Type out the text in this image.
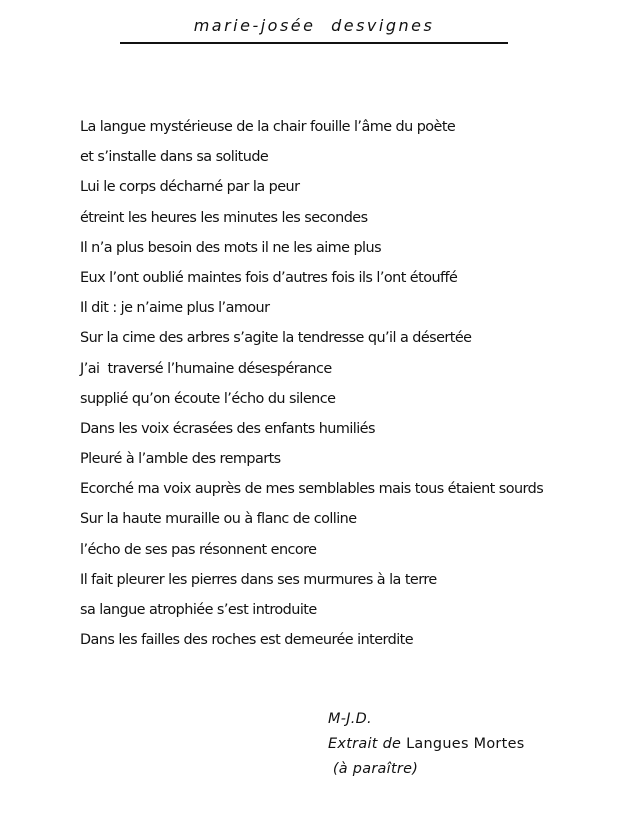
marie-josée desvignes
La langue mystérieuse de la chair fouille l’âme du poète
et s’installe dans sa solitude
Lui le corps décharné par la peur
étreint les heures les minutes les secondes
Il n’a plus besoin des mots il ne les aime plus
Eux l’ont oublié maintes fois d’autres fois ils l’ont étouffé
Il dit : je n’aime plus l’amour
Sur la cime des arbres s’agite la tendresse qu’il a désertée
J’ai  traversé l’humaine désespérance
supplié qu’on écoute l’écho du silence
Dans les voix écrasées des enfants humiliés
Pleuré à l’amble des remparts
Ecorché ma voix auprès de mes semblables mais tous étaient sourds
Sur la haute muraille ou à flanc de colline
l’écho de ses pas résonnent encore
Il fait pleurer les pierres dans ses murmures à la terre
sa langue atrophiée s’est introduite
Dans les failles des roches est demeurée interdite
M-J.D.
Extrait de Langues Mortes
(à paraître)
